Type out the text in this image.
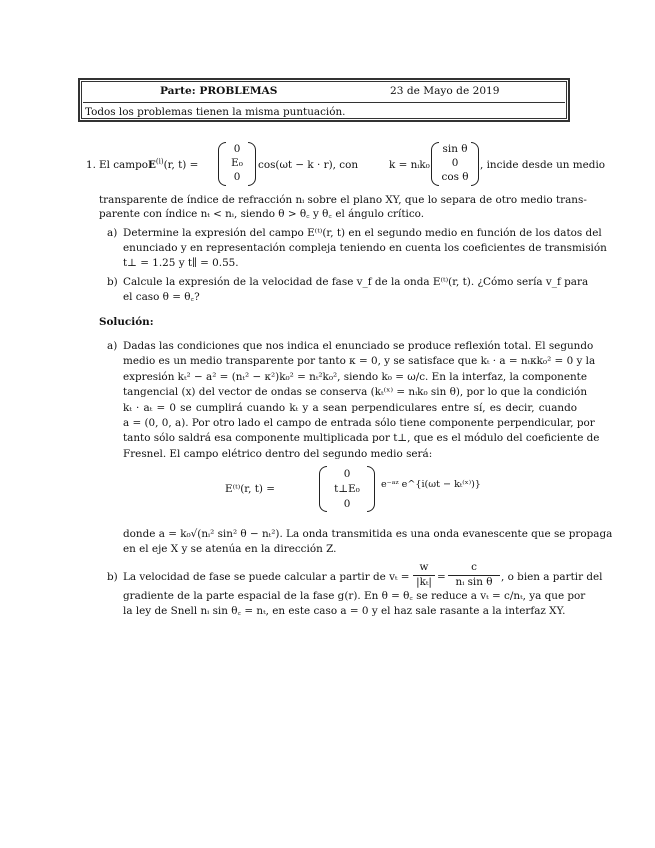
Parte: PROBLEMAS	23 de Mayo de 2019
Todos los problemas tienen la misma puntuación.
1. El campo $E^{(i)}(r$, t) =
0
E₀
0
cos(ωt − k · r), con	k = nᵢk₀
sin θ
0
cos θ
, incide desde un medio
transparente de índice de refracción nᵢ sobre el plano XY, que lo separa de otro medio trans-
parente con índice nₜ < nᵢ, siendo θ > θ꜀ y θ꜀ el ángulo crítico.
a) Determine la expresión del campo E⁽ᵗ⁾(r, t) en el segundo medio en función de los datos del
enunciado y en representación compleja teniendo en cuenta los coeficientes de transmisión
t⊥ = 1.25 y t∥ = 0.55.
b) Calcule la expresión de la velocidad de fase v_f de la onda E⁽ᵗ⁾(r, t). ¿Cómo sería v_f para
el caso θ = θ꜀?
Solución:
a) Dadas las condiciones que nos indica el enunciado se produce reflexión total. El segundo
medio es un medio transparente por tanto κ = 0, y se satisface que kₜ · a = nₜκk₀² = 0 y la
expresión kₜ² − a² = (nₜ² − κ²)k₀² = nₜ²k₀², siendo k₀ = ω/c. En la interfaz, la componente
tangencial (x) del vector de ondas se conserva (kₜ⁽ˣ⁾ = nᵢk₀ sin θ), por lo que la condición
kₜ · aₜ = 0 se cumplirá cuando kₜ y a sean perpendiculares entre sí, es decir, cuando
a = (0, 0, a). Por otro lado el campo de entrada sólo tiene componente perpendicular, por
tanto sólo saldrá esa componente multiplicada por t⊥, que es el módulo del coeficiente de
Fresnel. El campo elétrico dentro del segundo medio será:
E⁽ᵗ⁾(r, t) =
0
t⊥E₀
0
e⁻ᵃᶻ e^{i(ωt − kₜ⁽ˣ⁾)}
donde a = k₀√(nᵢ² sin² θ − nₜ²). La onda transmitida es una onda evanescente que se propaga
en el eje X y se atenúa en la dirección Z.
b) La velocidad de fase se puede calcular a partir de vₜ =
w
|kₜ| =
c
nᵢ sin θ , o bien a partir del
gradiente de la parte espacial de la fase g(r). En θ = θ꜀ se reduce a vₜ = c/nₜ, ya que por
la ley de Snell nᵢ sin θ꜀ = nₜ, en este caso a = 0 y el haz sale rasante a la interfaz XY.
